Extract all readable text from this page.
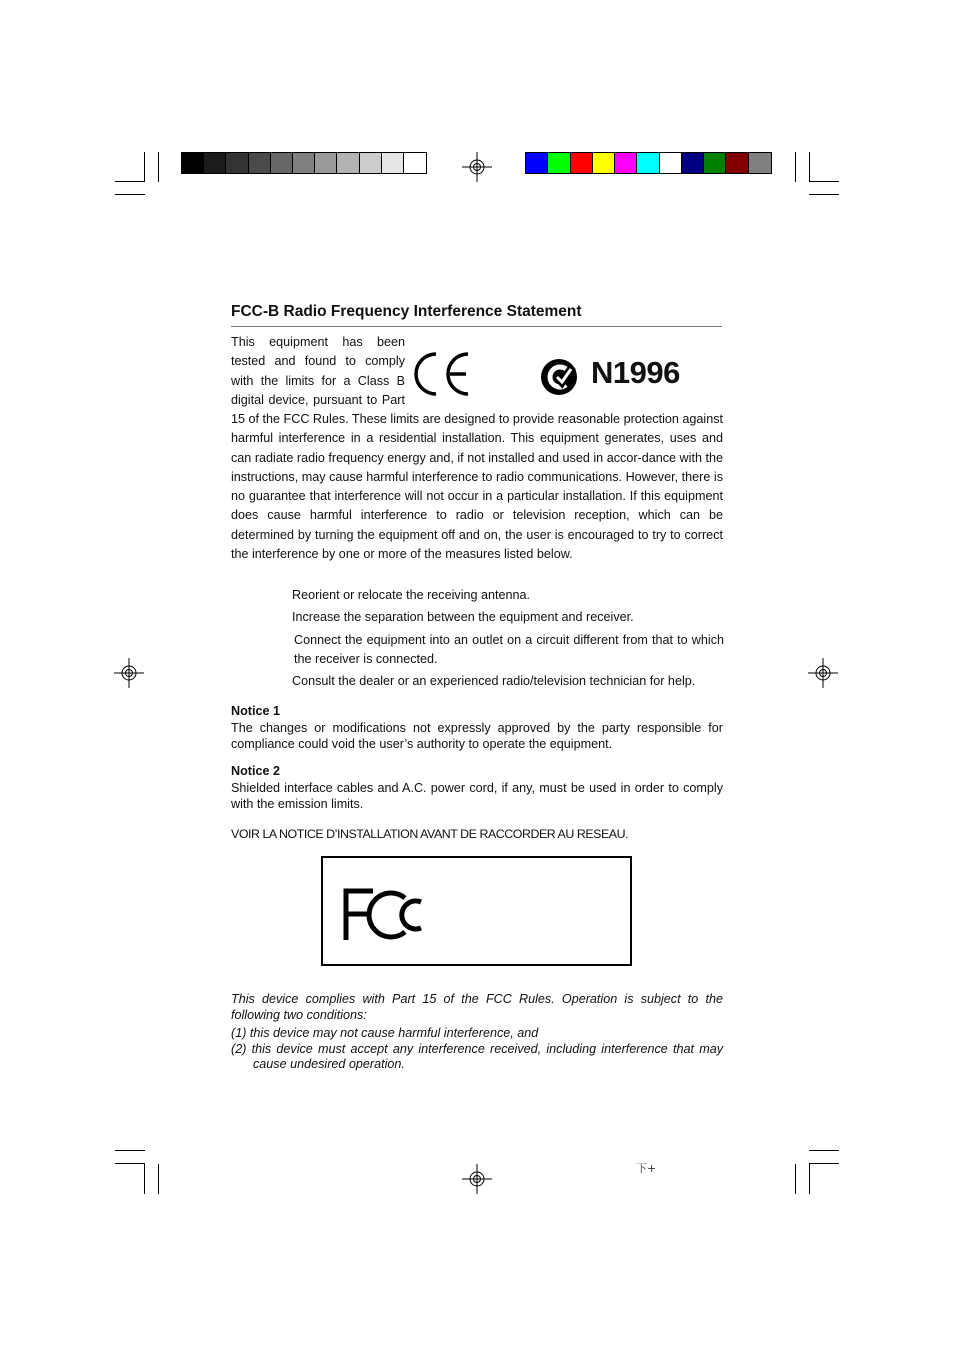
FCC-B Radio Frequency Interference Statement
This equipment has been
tested and found to comply
with the limits for a Class B
digital device, pursuant to Part
CE
N1996
15 of the FCC Rules. These limits are designed to provide reasonable protection against harmful interference in a residential installation. This equipment generates, uses and can radiate radio frequency energy and, if not installed and used in accor-dance with the instructions, may cause harmful interference to radio communications. However, there is no guarantee that interference will not occur in a particular installation. If this equipment does cause harmful interference to radio or television reception, which can be determined by turning the equipment off and on, the user is encouraged to try to correct the interference by one or more of the measures listed below.
Reorient or relocate the receiving antenna.
Increase the separation between the equipment and receiver.
Connect the equipment into an outlet on a circuit different from that to which the receiver is connected.
Consult the dealer or an experienced radio/television technician for help.
Notice 1
The changes or modifications not expressly approved by the party responsible for compliance could void the user’s authority to operate the equipment.
Notice 2
Shielded interface cables and A.C. power cord, if any, must be used in order to comply with the emission limits.
VOIR LA NOTICE D’INSTALLATION AVANT DE RACCORDER AU RESEAU.
FC
This device complies with Part 15 of the FCC Rules. Operation is subject to the following two conditions:
(1) this device may not cause harmful interference, and
(2) this device must accept any interference received, including interference that may cause undesired operation.
下+
